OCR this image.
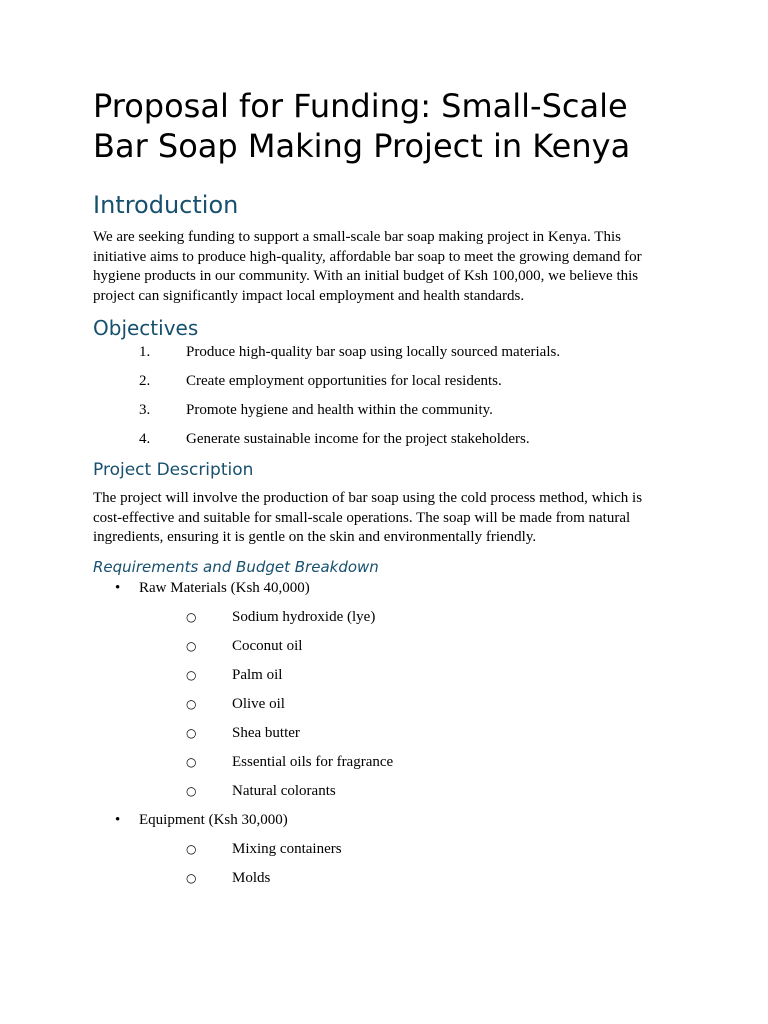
Proposal for Funding: Small-Scale Bar Soap Making Project in Kenya
Introduction

We are seeking funding to support a small-scale bar soap making project in Kenya. This initiative aims to produce high-quality, affordable bar soap to meet the growing demand for hygiene products in our community. With an initial budget of Ksh 100,000, we believe this project can significantly impact local employment and health standards.

Objectives
1. Produce high-quality bar soap using locally sourced materials.
2. Create employment opportunities for local residents.
3. Promote hygiene and health within the community.
4. Generate sustainable income for the project stakeholders.
Project Description

The project will involve the production of bar soap using the cold process method, which is cost-effective and suitable for small-scale operations. The soap will be made from natural ingredients, ensuring it is gentle on the skin and environmentally friendly.

Requirements and Budget Breakdown
• Raw Materials (Ksh 40,000)
○ Sodium hydroxide (lye)
○ Coconut oil
○ Palm oil
○ Olive oil
○ Shea butter
○ Essential oils for fragrance
○ Natural colorants
• Equipment (Ksh 30,000)
○ Mixing containers
○ Molds
